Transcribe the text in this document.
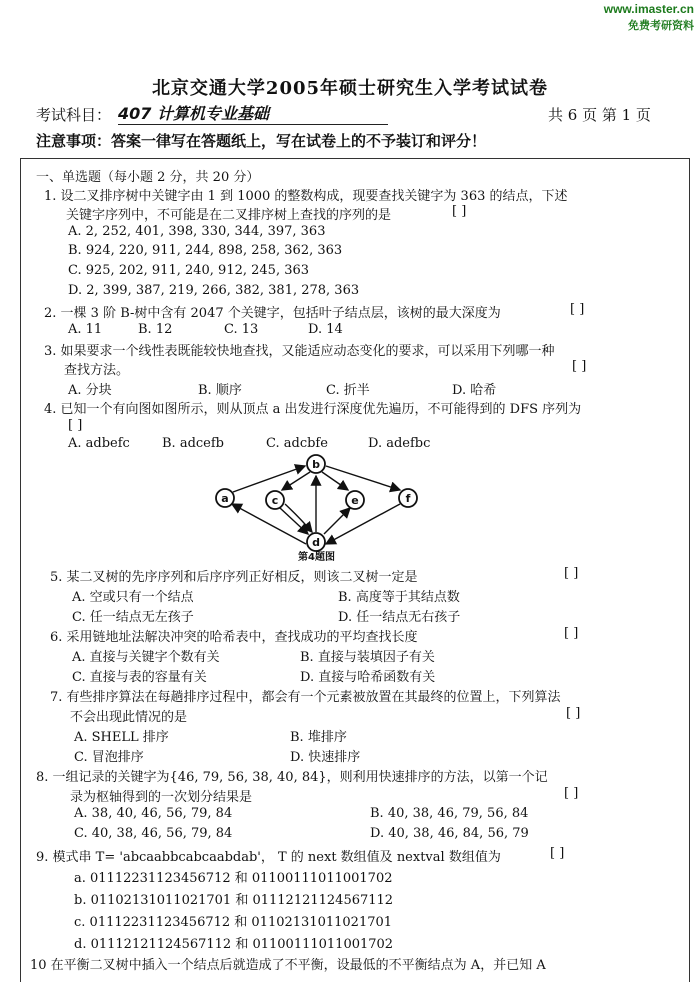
www.imaster.cn
免费考研资料
北京交通大学2005年硕士研究生入学考试试卷
考试科目： 407 计算机专业基础	共 6 页 第 1 页
注意事项：答案一律写在答题纸上，写在试卷上的不予装订和评分！
一、单选题（每小题 2 分，共 20 分）
1. 设二叉排序树中关键字由 1 到 1000 的整数构成，现要查找关键字为 363 的结点，下述
关键字序列中，不可能是在二叉排序树上查找的序列的是	[ ]
A. 2, 252, 401, 398, 330, 344, 397, 363
B. 924, 220, 911, 244, 898, 258, 362, 363
C. 925, 202, 911, 240, 912, 245, 363
D. 2, 399, 387, 219, 266, 382, 381, 278, 363
2. 一棵 3 阶 B-树中含有 2047 个关键字，包括叶子结点层，该树的最大深度为	[ ]
A. 11	B. 12	C. 13	D. 14
3. 如果要求一个线性表既能较快地查找，又能适应动态变化的要求，可以采用下列哪一种
查找方法。	[ ]
A. 分块	B. 顺序	C. 折半	D. 哈希
4. 已知一个有向图如图所示，则从顶点 a 出发进行深度优先遍历，不可能得到的 DFS 序列为
[ ]
A. adbefc B. adcefb	C. adcbfe	D. adefbc
a
b
c
d
e	f
第4题图
5. 某二叉树的先序序列和后序序列正好相反，则该二叉树一定是	[ ]
A. 空或只有一个结点	B. 高度等于其结点数
C. 任一结点无左孩子	D. 任一结点无右孩子
6. 采用链地址法解决冲突的哈希表中，查找成功的平均查找长度	[ ]
A. 直接与关键字个数有关	B. 直接与装填因子有关
C. 直接与表的容量有关	D. 直接与哈希函数有关
7. 有些排序算法在每趟排序过程中，都会有一个元素被放置在其最终的位置上，下列算法
不会出现此情况的是	[ ]
A. SHELL 排序	B. 堆排序
C. 冒泡排序	D. 快速排序
8. 一组记录的关键字为{46, 79, 56, 38, 40, 84}，则利用快速排序的方法，以第一个记
录为枢轴得到的一次划分结果是	[ ]
A. 38, 40, 46, 56, 79, 84	B. 40, 38, 46, 79, 56, 84
C. 40, 38, 46, 56, 79, 84	D. 40, 38, 46, 84, 56, 79
9. 模式串 T= 'abcaabbcabcaabdab'， T 的 next 数组值及 nextval 数组值为	[ ]
a. 01112231123456712 和 01100111011001702
b. 01102131011021701 和 01112121124567112
c. 01112231123456712 和 01102131011021701
d. 01112121124567112 和 01100111011001702
10 在平衡二叉树中插入一个结点后就造成了不平衡，设最低的不平衡结点为 A，并已知 A
